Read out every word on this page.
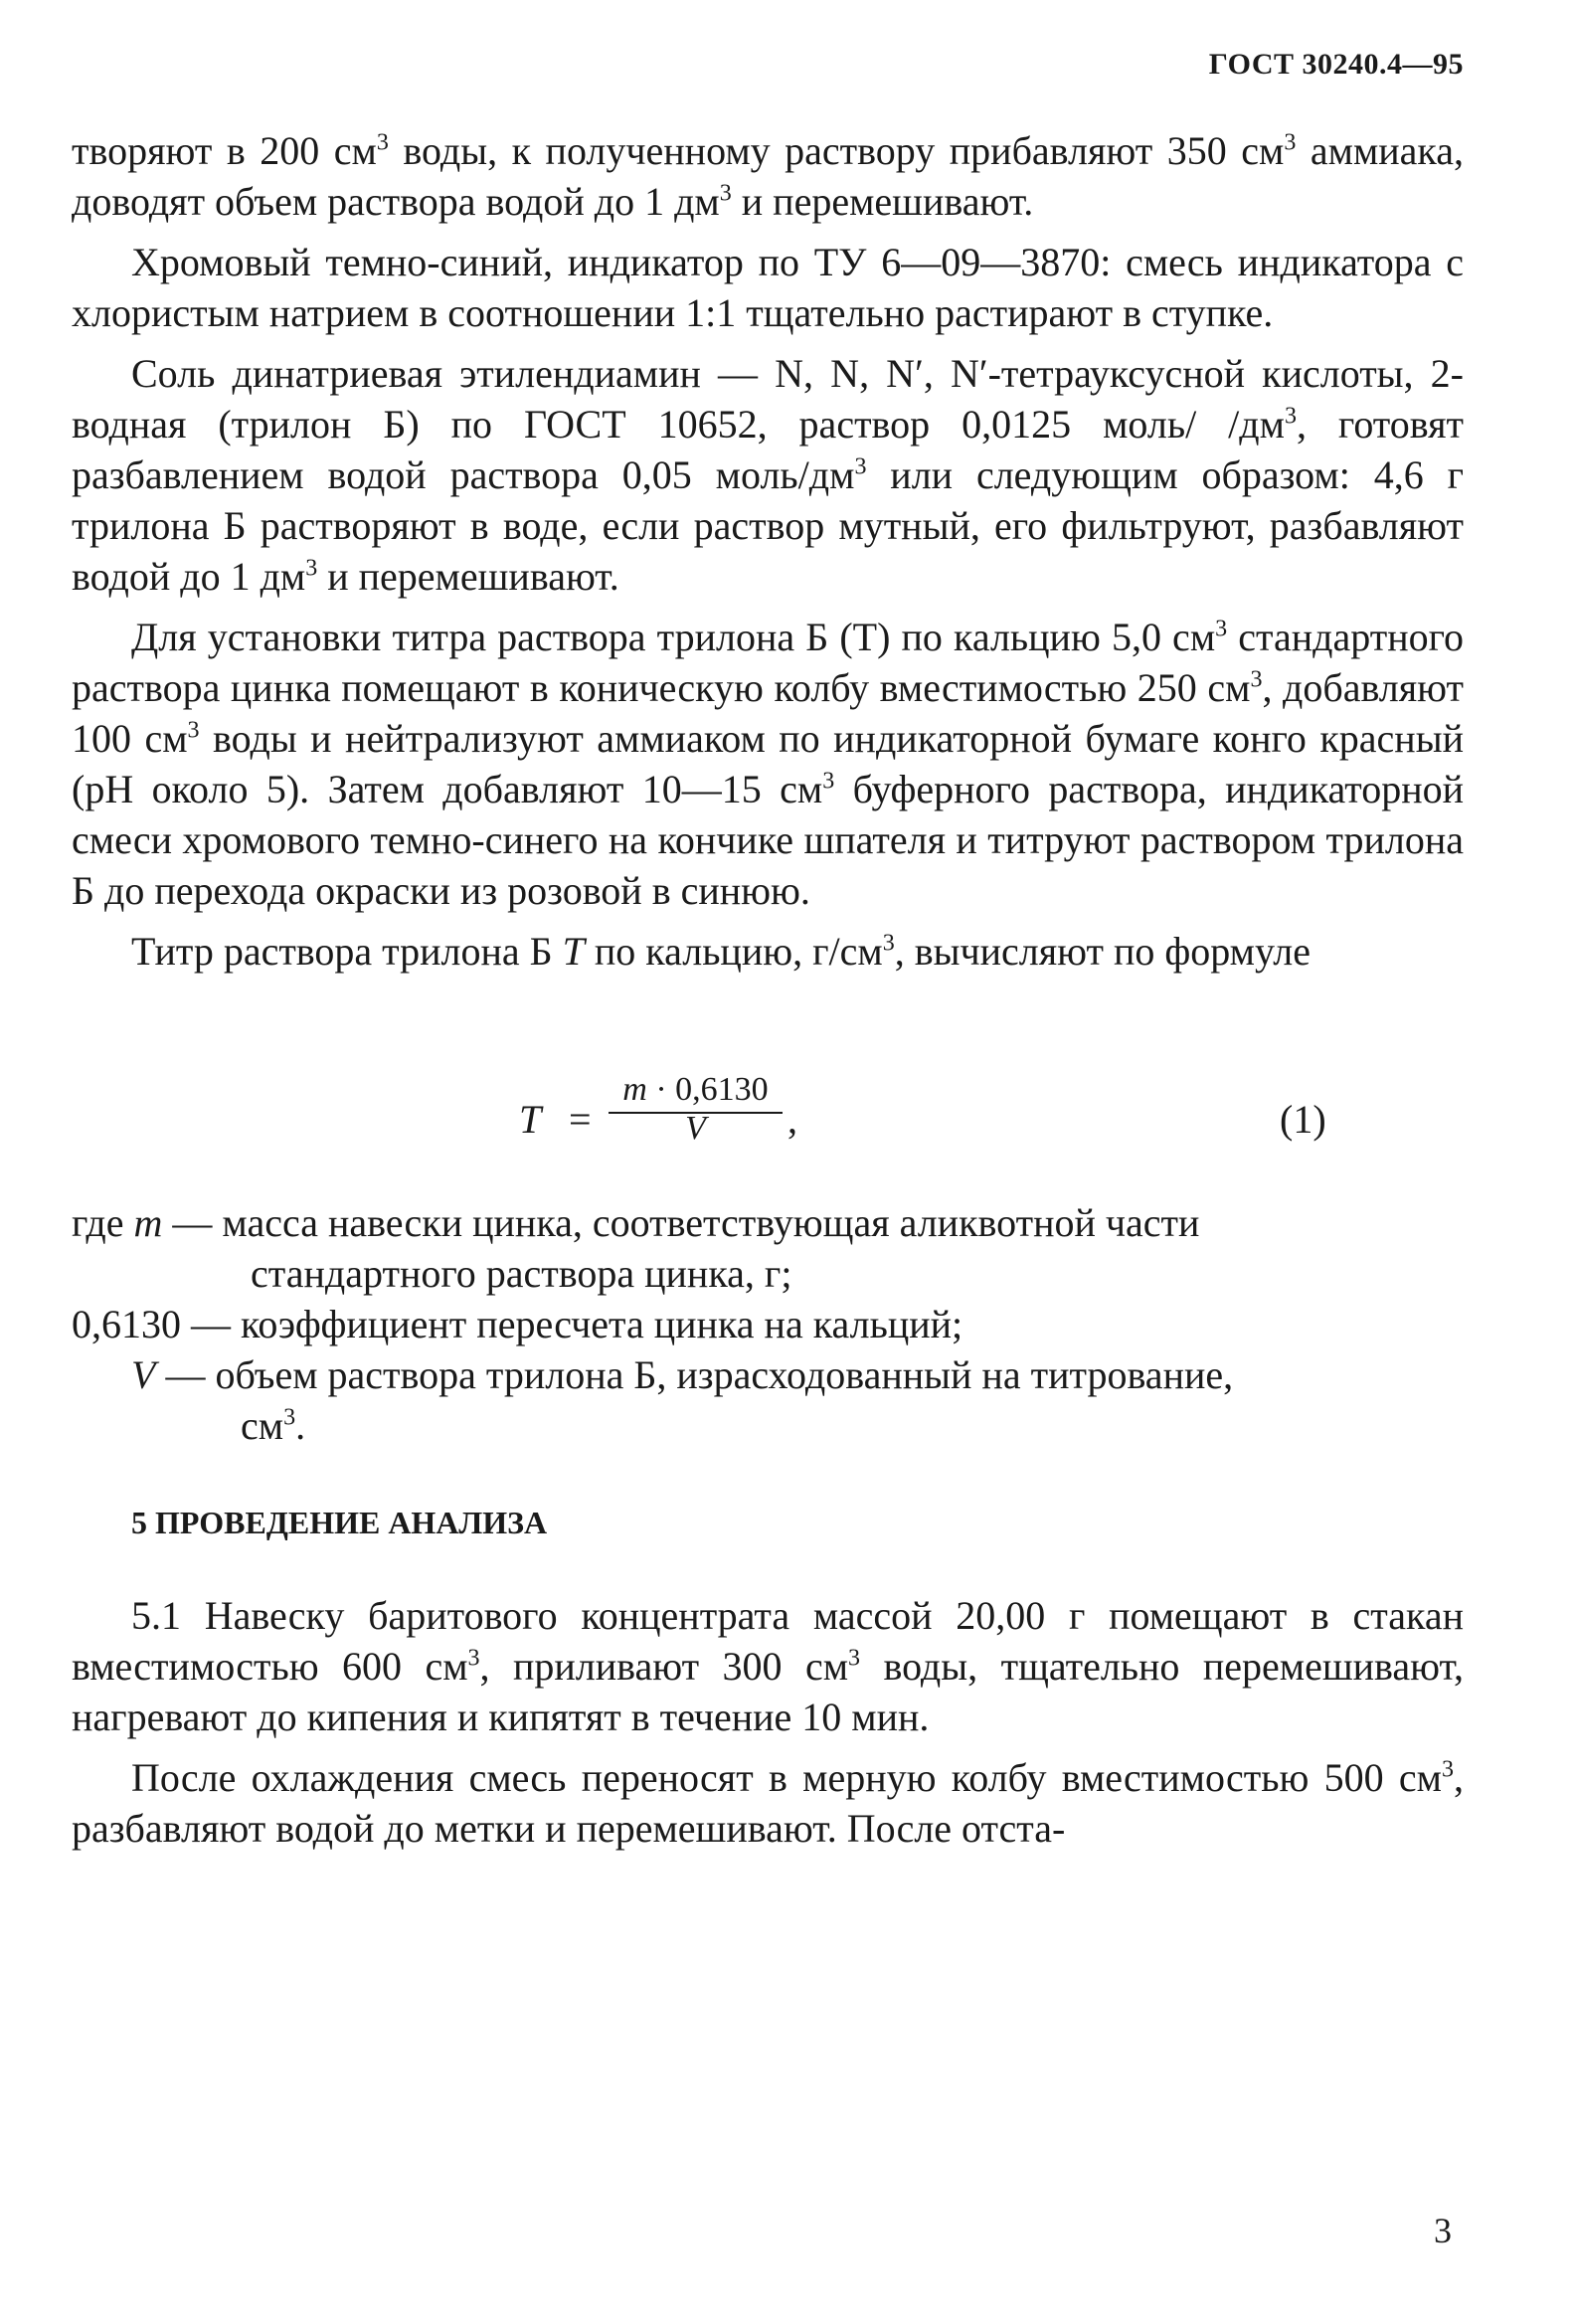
ГОСТ 30240.4—95

творяют в 200 $см^3$ воды, к полученному раствору прибавляют 350 $см^3$ аммиака, доводят объем раствора водой до 1 $дм^3$ и перемешивают.

Хромовый темно-синий, индикатор по ТУ 6—09—3870: смесь индикатора с хлористым натрием в соотношении 1:1 тщательно растирают в ступке.

Соль динатриевая этилендиамин — N, N, N′, N′-тетрауксусной кислоты, 2-водная (трилон Б) по ГОСТ 10652, раствор 0,0125 моль/ $/дм^3$, готовят разбавлением водой раствора 0,05 моль/$дм^3$ или следующим образом: 4,6 г трилона Б растворяют в воде, если раствор мутный, его фильтруют, разбавляют водой до 1 $дм^3$ и перемешивают.

Для установки титра раствора трилона Б (Т) по кальцию 5,0 $см^3$ стандартного раствора цинка помещают в коническую колбу вместимостью 250 $см^3$, добавляют 100 $см^3$ воды и нейтрализуют аммиаком по индикаторной бумаге конго красный (рН около 5). Затем добавляют 10—15 $см^3$ буферного раствора, индикаторной смеси хромового темно-синего на кончике шпателя и титруют раствором трилона Б до перехода окраски из розовой в синюю.

Титр раствора трилона Б Т по кальцию, $г/см^3$, вычисляют по формуле

$Т = \frac{m \cdot 0,6130}{V}$ ,	(1)
где m — масса навески цинка, соответствующая аликвотной части
стандартного раствора цинка, г;
0,6130 — коэффициент пересчета цинка на кальций;
V — объем раствора трилона Б, израсходованный на титрование,
$см^3$.

5 ПРОВЕДЕНИЕ АНАЛИЗА

5.1 Навеску баритового концентрата массой 20,00 г помещают в стакан вместимостью 600 $см^3$, приливают 300 $см^3$ воды, тщательно перемешивают, нагревают до кипения и кипятят в течение 10 мин.

После охлаждения смесь переносят в мерную колбу вместимостью 500 $см^3$, разбавляют водой до метки и перемешивают. После отста-

3
